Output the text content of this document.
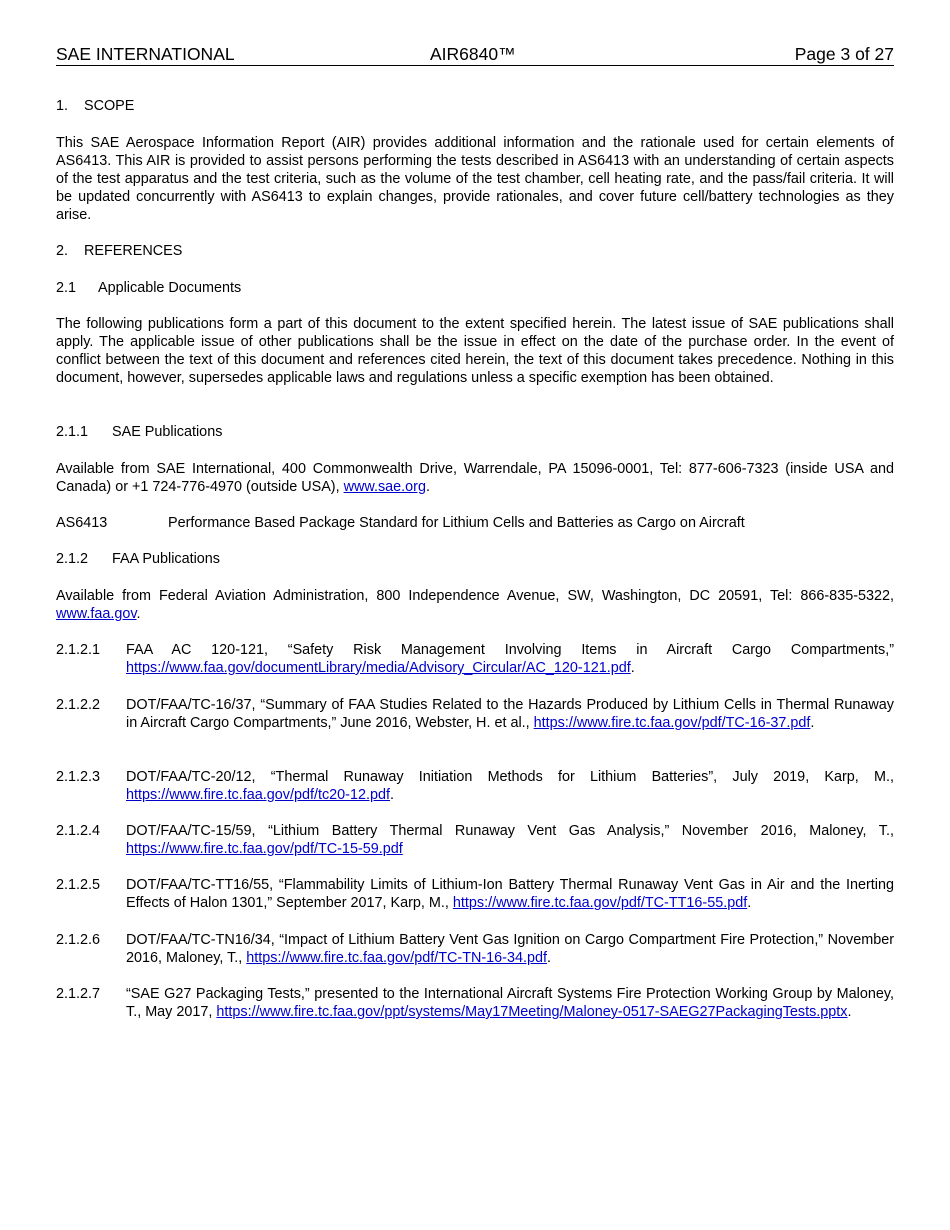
SAE INTERNATIONAL	AIR6840™	Page 3 of 27
1. SCOPE
This SAE Aerospace Information Report (AIR) provides additional information and the rationale used for certain elements of AS6413. This AIR is provided to assist persons performing the tests described in AS6413 with an understanding of certain aspects of the test apparatus and the test criteria, such as the volume of the test chamber, cell heating rate, and the pass/fail criteria. It will be updated concurrently with AS6413 to explain changes, provide rationales, and cover future cell/battery technologies as they arise.
2. REFERENCES
2.1 Applicable Documents
The following publications form a part of this document to the extent specified herein. The latest issue of SAE publications shall apply. The applicable issue of other publications shall be the issue in effect on the date of the purchase order. In the event of conflict between the text of this document and references cited herein, the text of this document takes precedence. Nothing in this document, however, supersedes applicable laws and regulations unless a specific exemption has been obtained.
2.1.1 SAE Publications
Available from SAE International, 400 Commonwealth Drive, Warrendale, PA 15096-0001, Tel: 877-606-7323 (inside USA and Canada) or +1 724-776-4970 (outside USA), www.sae.org.
AS6413	Performance Based Package Standard for Lithium Cells and Batteries as Cargo on Aircraft
2.1.2 FAA Publications
Available from Federal Aviation Administration, 800 Independence Avenue, SW, Washington, DC 20591, Tel: 866-835-5322, www.faa.gov.
2.1.2.1 FAA AC 120-121, “Safety Risk Management Involving Items in Aircraft Cargo Compartments,” https://www.faa.gov/documentLibrary/media/Advisory_Circular/AC_120-121.pdf.
2.1.2.2 DOT/FAA/TC-16/37, “Summary of FAA Studies Related to the Hazards Produced by Lithium Cells in Thermal Runaway in Aircraft Cargo Compartments,” June 2016, Webster, H. et al., https://www.fire.tc.faa.gov/pdf/TC-16-37.pdf.
2.1.2.3 DOT/FAA/TC-20/12, “Thermal Runaway Initiation Methods for Lithium Batteries”, July 2019, Karp, M., https://www.fire.tc.faa.gov/pdf/tc20-12.pdf.
2.1.2.4 DOT/FAA/TC-15/59, “Lithium Battery Thermal Runaway Vent Gas Analysis,” November 2016, Maloney, T., https://www.fire.tc.faa.gov/pdf/TC-15-59.pdf
2.1.2.5 DOT/FAA/TC-TT16/55, “Flammability Limits of Lithium-Ion Battery Thermal Runaway Vent Gas in Air and the Inerting Effects of Halon 1301,” September 2017, Karp, M., https://www.fire.tc.faa.gov/pdf/TC-TT16-55.pdf.
2.1.2.6 DOT/FAA/TC-TN16/34, “Impact of Lithium Battery Vent Gas Ignition on Cargo Compartment Fire Protection,” November 2016, Maloney, T., https://www.fire.tc.faa.gov/pdf/TC-TN-16-34.pdf.
2.1.2.7 “SAE G27 Packaging Tests,” presented to the International Aircraft Systems Fire Protection Working Group by Maloney, T., May 2017, https://www.fire.tc.faa.gov/ppt/systems/May17Meeting/Maloney-0517-SAEG27PackagingTests.pptx.
